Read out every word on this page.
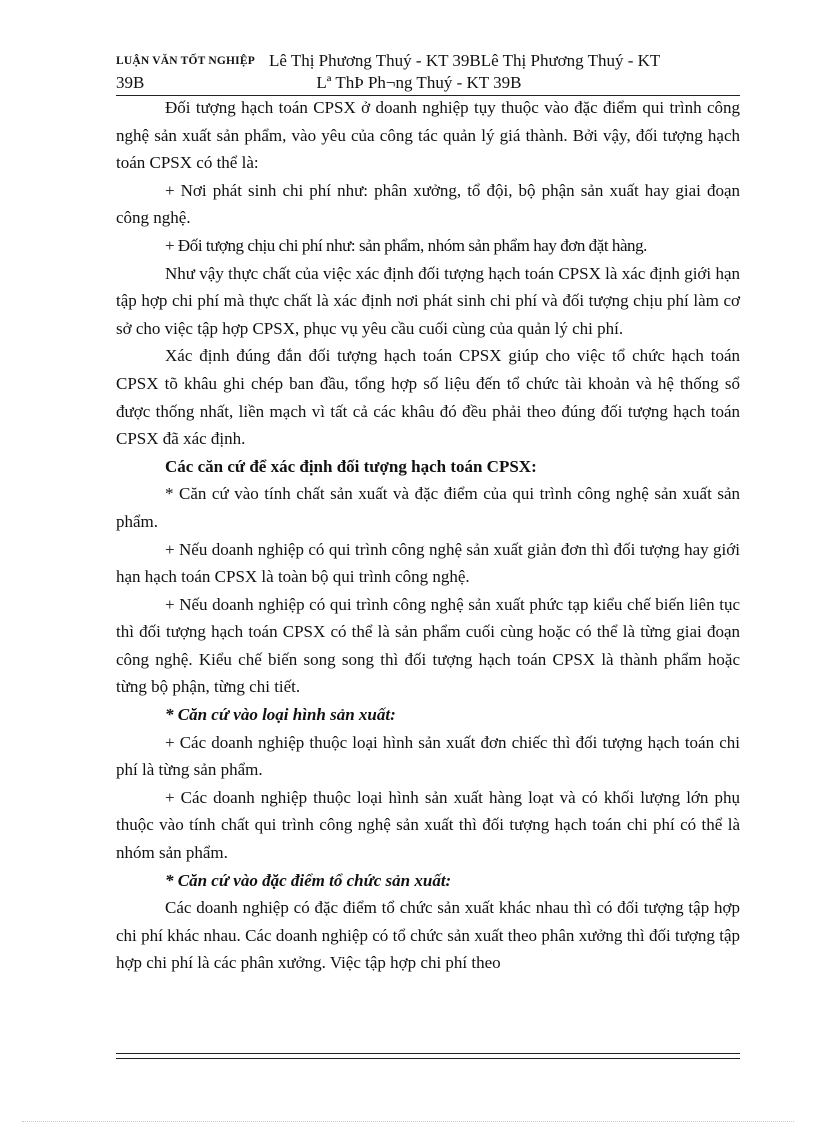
LUẬN VĂN TỐT NGHIỆP Lê Thị Phương Thuý - KT 39BLê Thị Phương Thuý - KT
39B	Lª ThÞ Ph¬ng Thuý - KT 39B

Đối tượng hạch toán CPSX ở doanh nghiệp tụy thuộc vào đặc điểm qui trình công nghệ sản xuất sản phẩm, vào yêu của công tác quản lý giá thành. Bởi vậy, đối tượng hạch toán CPSX có thể là:

+ Nơi phát sinh chi phí như: phân xưởng, tổ đội, bộ phận sản xuất hay giai đoạn công nghệ.

+ Đối tượng chịu chi phí như: sản phẩm, nhóm sản phẩm hay đơn đặt hàng.

Như vậy thực chất của việc xác định đối tượng hạch toán CPSX là xác định giới hạn tập hợp chi phí mà thực chất là xác định nơi phát sinh chi phí và đối tượng chịu phí làm cơ sở cho việc tập hợp CPSX, phục vụ yêu cầu cuối cùng của quản lý chi phí.

Xác định đúng đắn đối tượng hạch toán CPSX giúp cho việc tổ chức hạch toán CPSX tõ khâu ghi chép ban đầu, tổng hợp số liệu đến tổ chức tài khoản và hệ thống sổ được thống nhất, liền mạch vì tất cả các khâu đó đều phải theo đúng đối tượng hạch toán CPSX đã xác định.

Các căn cứ để xác định đối tượng hạch toán CPSX:

* Căn cứ vào tính chất sản xuất và đặc điểm của qui trình công nghệ sản xuất sản phẩm.

+ Nếu doanh nghiệp có qui trình công nghệ sản xuất giản đơn thì đối tượng hay giới hạn hạch toán CPSX là toàn bộ qui trình công nghệ.

+ Nếu doanh nghiệp có qui trình công nghệ sản xuất phức tạp kiểu chế biến liên tục thì đối tượng hạch toán CPSX có thể là sản phẩm cuối cùng hoặc có thể là từng giai đoạn công nghệ. Kiểu chế biến song song thì đối tượng hạch toán CPSX là thành phẩm hoặc từng bộ phận, từng chi tiết.

* Căn cứ vào loại hình sản xuất:

+ Các doanh nghiệp thuộc loại hình sản xuất đơn chiếc thì đối tượng hạch toán chi phí là từng sản phẩm.

+ Các doanh nghiệp thuộc loại hình sản xuất hàng loạt và có khối lượng lớn phụ thuộc vào tính chất qui trình công nghệ sản xuất thì đối tượng hạch toán chi phí có thể là nhóm sản phẩm.

* Căn cứ vào đặc điểm tổ chức sản xuất:

Các doanh nghiệp có đặc điểm tổ chức sản xuất khác nhau thì có đối tượng tập hợp chi phí khác nhau. Các doanh nghiệp có tổ chức sản xuất theo phân xưởng thì đối tượng tập hợp chi phí là các phân xưởng. Việc tập hợp chi phí theo
